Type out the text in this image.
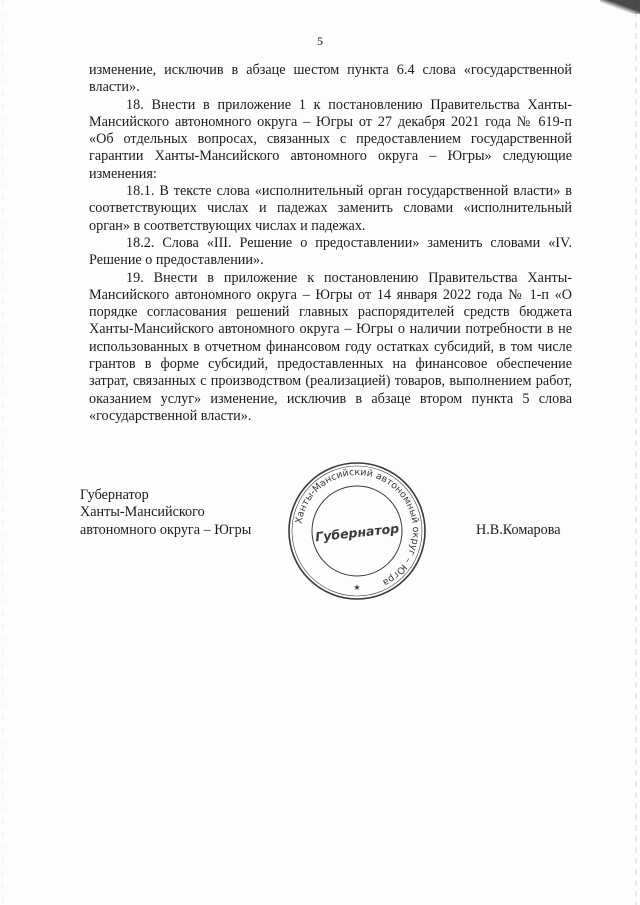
5

изменение, исключив в абзаце шестом пункта 6.4 слова «государственной власти».

18. Внести в приложение 1 к постановлению Правительства Ханты-Мансийского автономного округа – Югры от 27 декабря 2021 года № 619-п «Об отдельных вопросах, связанных с предоставлением государственной гарантии Ханты-Мансийского автономного округа – Югры» следующие изменения:

18.1. В тексте слова «исполнительный орган государственной власти» в соответствующих числах и падежах заменить словами «исполнительный орган» в соответствующих числах и падежах.

18.2. Слова «III. Решение о предоставлении» заменить словами «IV. Решение о предоставлении».

19. Внести в приложение к постановлению Правительства Ханты-Мансийского автономного округа – Югры от 14 января 2022 года № 1-п «О порядке согласования решений главных распорядителей средств бюджета Ханты-Мансийского автономного округа – Югры о наличии потребности в не использованных в отчетном финансовом году остатках субсидий, в том числе грантов в форме субсидий, предоставленных на финансовое обеспечение затрат, связанных с производством (реализацией) товаров, выполнением работ, оказанием услуг» изменение, исключив в абзаце втором пункта 5 слова «государственной власти».

Губернатор
Ханты-Мансийского
автономного округа – Югры
Ханты-Мансийский автономный округ – Югра
Губернатор
★
Н.В.Комарова
